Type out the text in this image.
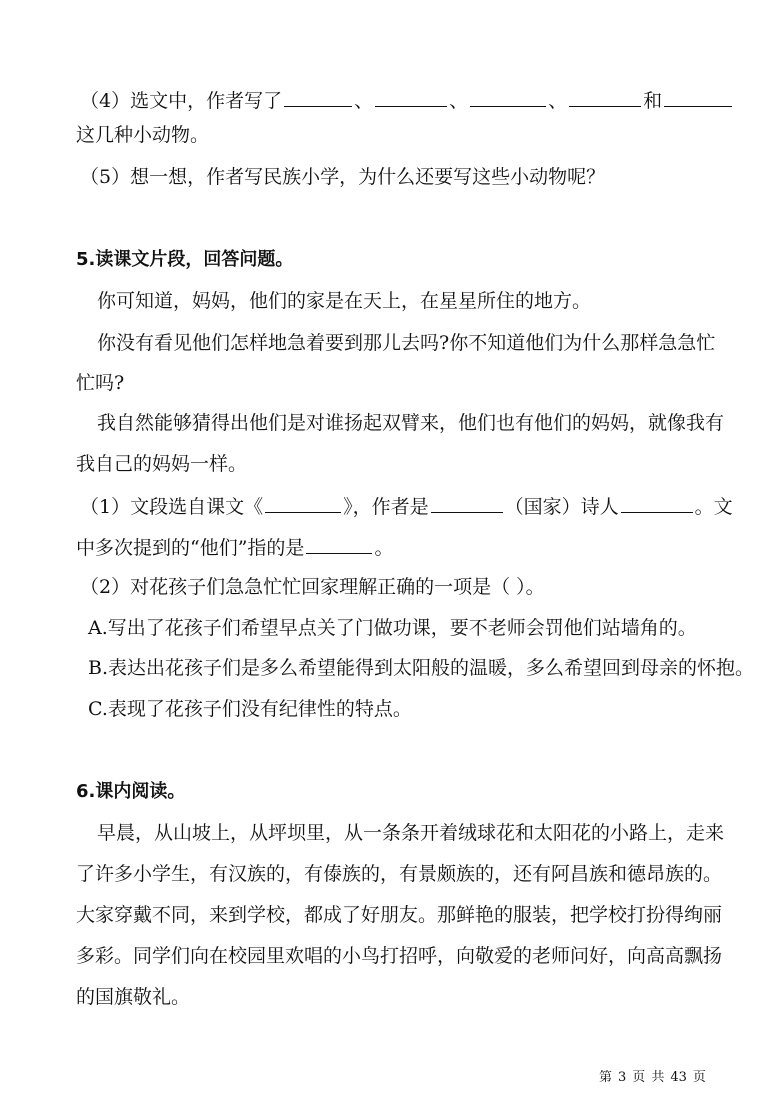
（4）选文中，作者写了	、	、	、	和
这几种小动物。
（5）想一想，作者写民族小学，为什么还要写这些小动物呢？
5.读课文片段，回答问题。
你可知道，妈妈，他们的家是在天上，在星星所住的地方。
你没有看见他们怎样地急着要到那儿去吗?你不知道他们为什么那样急急忙
忙吗?
我自然能够猜得出他们是对谁扬起双臂来，他们也有他们的妈妈，就像我有
我自己的妈妈一样。
（1）文段选自课文《	》，作者是	（国家）诗人	。文
中多次提到的“他们”指的是	。
（2）对花孩子们急急忙忙回家理解正确的一项是（ ）。
A.写出了花孩子们希望早点关了门做功课，要不老师会罚他们站墙角的。
B.表达出花孩子们是多么希望能得到太阳般的温暖，多么希望回到母亲的怀抱。
C.表现了花孩子们没有纪律性的特点。
6.课内阅读。
早晨，从山坡上，从坪坝里，从一条条开着绒球花和太阳花的小路上，走来
了许多小学生，有汉族的，有傣族的，有景颇族的，还有阿昌族和德昂族的。
大家穿戴不同，来到学校，都成了好朋友。那鲜艳的服装，把学校打扮得绚丽
多彩。同学们向在校园里欢唱的小鸟打招呼，向敬爱的老师问好，向高高飘扬
的国旗敬礼。
第 3 页 共 43 页
